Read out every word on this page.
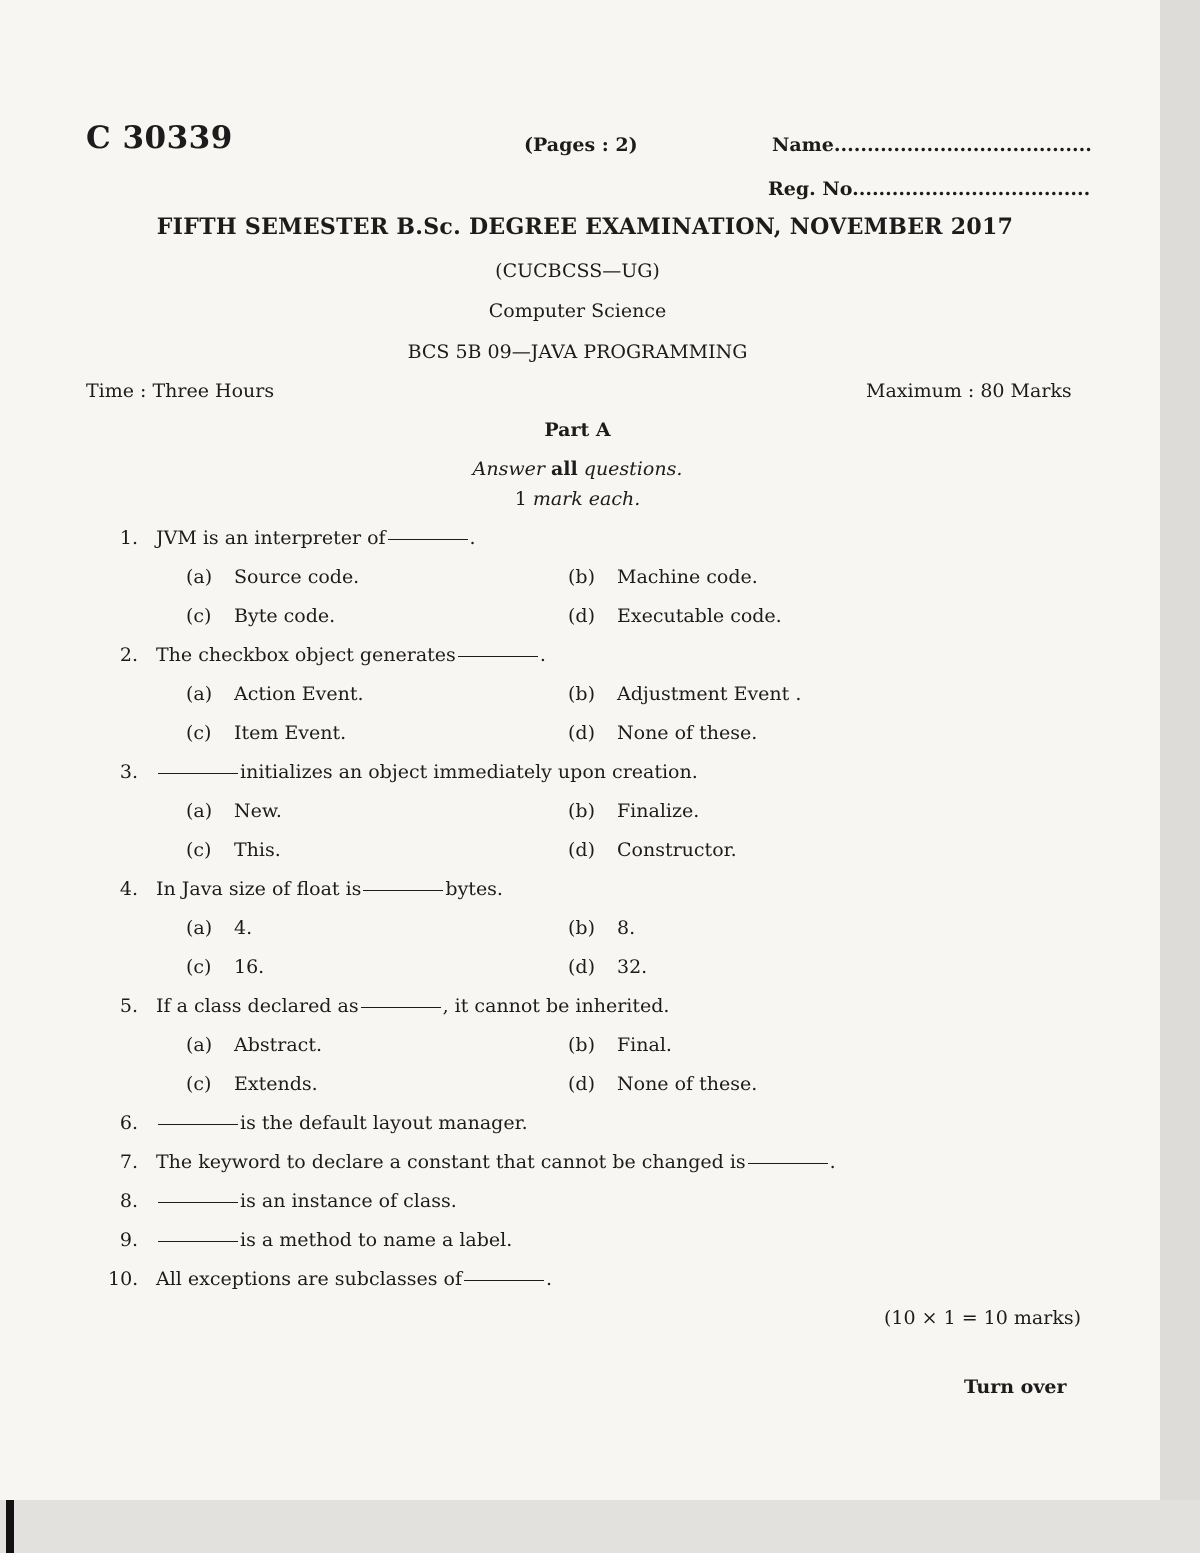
C 30339	(Pages : 2)	Name.......................................
Reg. No....................................
FIFTH SEMESTER B.Sc. DEGREE EXAMINATION, NOVEMBER 2017
(CUCBCSS—UG)
Computer Science
BCS 5B 09—JAVA PROGRAMMING
Time : Three Hours	Maximum : 80 Marks
Part A
Answer all questions.
1 mark each.
1. JVM is an interpreter of	.
(a) Source code.	(b) Machine code.
(c) Byte code.	(d) Executable code.
2. The checkbox object generates	.
(a) Action Event.	(b) Adjustment Event .
(c) Item Event.	(d) None of these.
3.	initializes an object immediately upon creation.
(a) New.	(b) Finalize.
(c) This.	(d) Constructor.
4. In Java size of float is	bytes.
(a) 4.	(b) 8.
(c) 16.	(d) 32.
5. If a class declared as	, it cannot be inherited.
(a) Abstract.	(b) Final.
(c) Extends.	(d) None of these.
6.	is the default layout manager.
7. The keyword to declare a constant that cannot be changed is	.
8.	is an instance of class.
9.	is a method to name a label.
10. All exceptions are subclasses of	.
(10 × 1 = 10 marks)
Turn over
